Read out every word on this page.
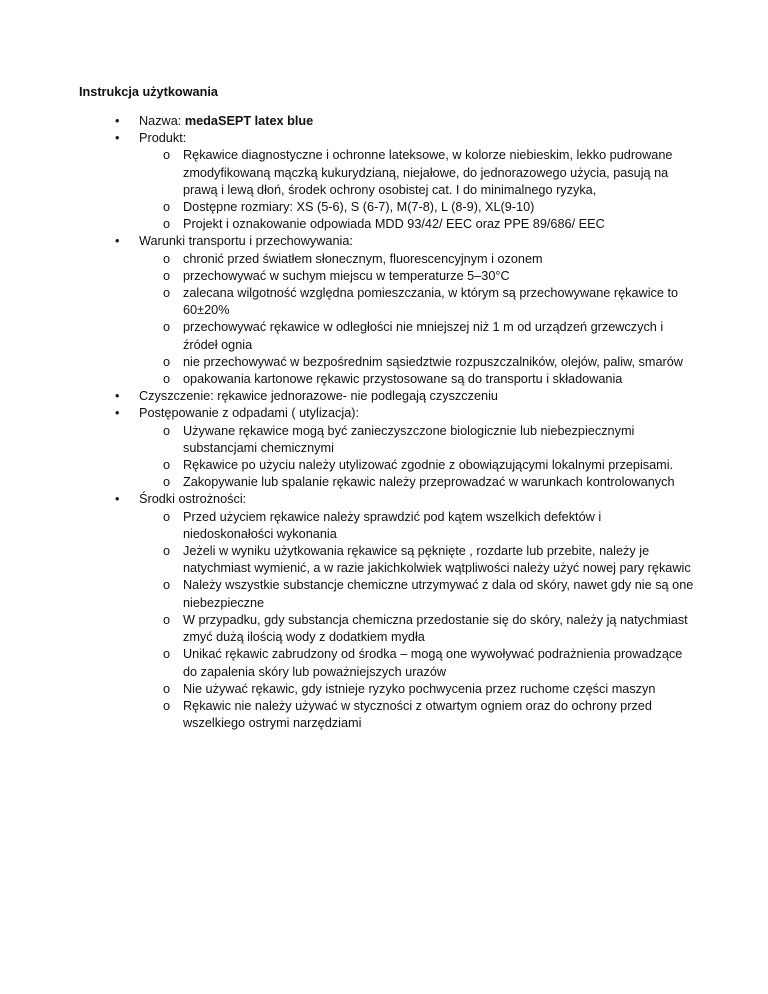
Instrukcja użytkowania
• Nazwa: medaSEPT latex blue
• Produkt:
o Rękawice diagnostyczne i ochronne lateksowe, w kolorze niebieskim, lekko pudrowane zmodyfikowaną mączką kukurydzianą, niejałowe, do jednorazowego użycia, pasują na prawą i lewą dłoń, środek ochrony osobistej cat. I do minimalnego ryzyka,
o Dostępne rozmiary: XS (5-6), S (6-7), M(7-8), L (8-9), XL(9-10)
o Projekt i oznakowanie odpowiada MDD 93/42/ EEC oraz PPE 89/686/ EEC
• Warunki transportu i przechowywania:
o chronić przed światłem słonecznym, fluorescencyjnym i ozonem
o przechowywać w suchym miejscu w temperaturze 5–30°C
o zalecana wilgotność względna pomieszczania, w którym są przechowywane rękawice to 60±20%
o przechowywać rękawice w odległości nie mniejszej niż 1 m od urządzeń grzewczych i źródeł ognia
o nie przechowywać w bezpośrednim sąsiedztwie rozpuszczalników, olejów, paliw, smarów
o opakowania kartonowe rękawic przystosowane są do transportu i składowania
• Czyszczenie: rękawice jednorazowe- nie podlegają czyszczeniu
• Postępowanie z odpadami ( utylizacja):
o Używane rękawice mogą być zanieczyszczone biologicznie lub niebezpiecznymi substancjami chemicznymi
o Rękawice po użyciu należy utylizować zgodnie z obowiązującymi lokalnymi przepisami.
o Zakopywanie lub spalanie rękawic należy przeprowadzać w warunkach kontrolowanych
• Środki ostrożności:
o Przed użyciem rękawice należy sprawdzić pod kątem wszelkich defektów i niedoskonałości wykonania
o Jeżeli w wyniku użytkowania rękawice są pęknięte , rozdarte lub przebite, należy je natychmiast wymienić, a w razie jakichkolwiek wątpliwości należy użyć nowej pary rękawic
o Należy wszystkie substancje chemiczne utrzymywać z dala od skóry, nawet gdy nie są one niebezpieczne
o W przypadku, gdy substancja chemiczna przedostanie się do skóry, należy ją natychmiast zmyć dużą ilością wody z dodatkiem mydła
o Unikać rękawic zabrudzony od środka – mogą one wywoływać podrażnienia prowadzące do zapalenia skóry lub poważniejszych urazów
o Nie używać rękawic, gdy istnieje ryzyko pochwycenia przez ruchome części maszyn
o Rękawic nie należy używać w styczności z otwartym ogniem oraz do ochrony przed wszelkiego ostrymi narzędziami
